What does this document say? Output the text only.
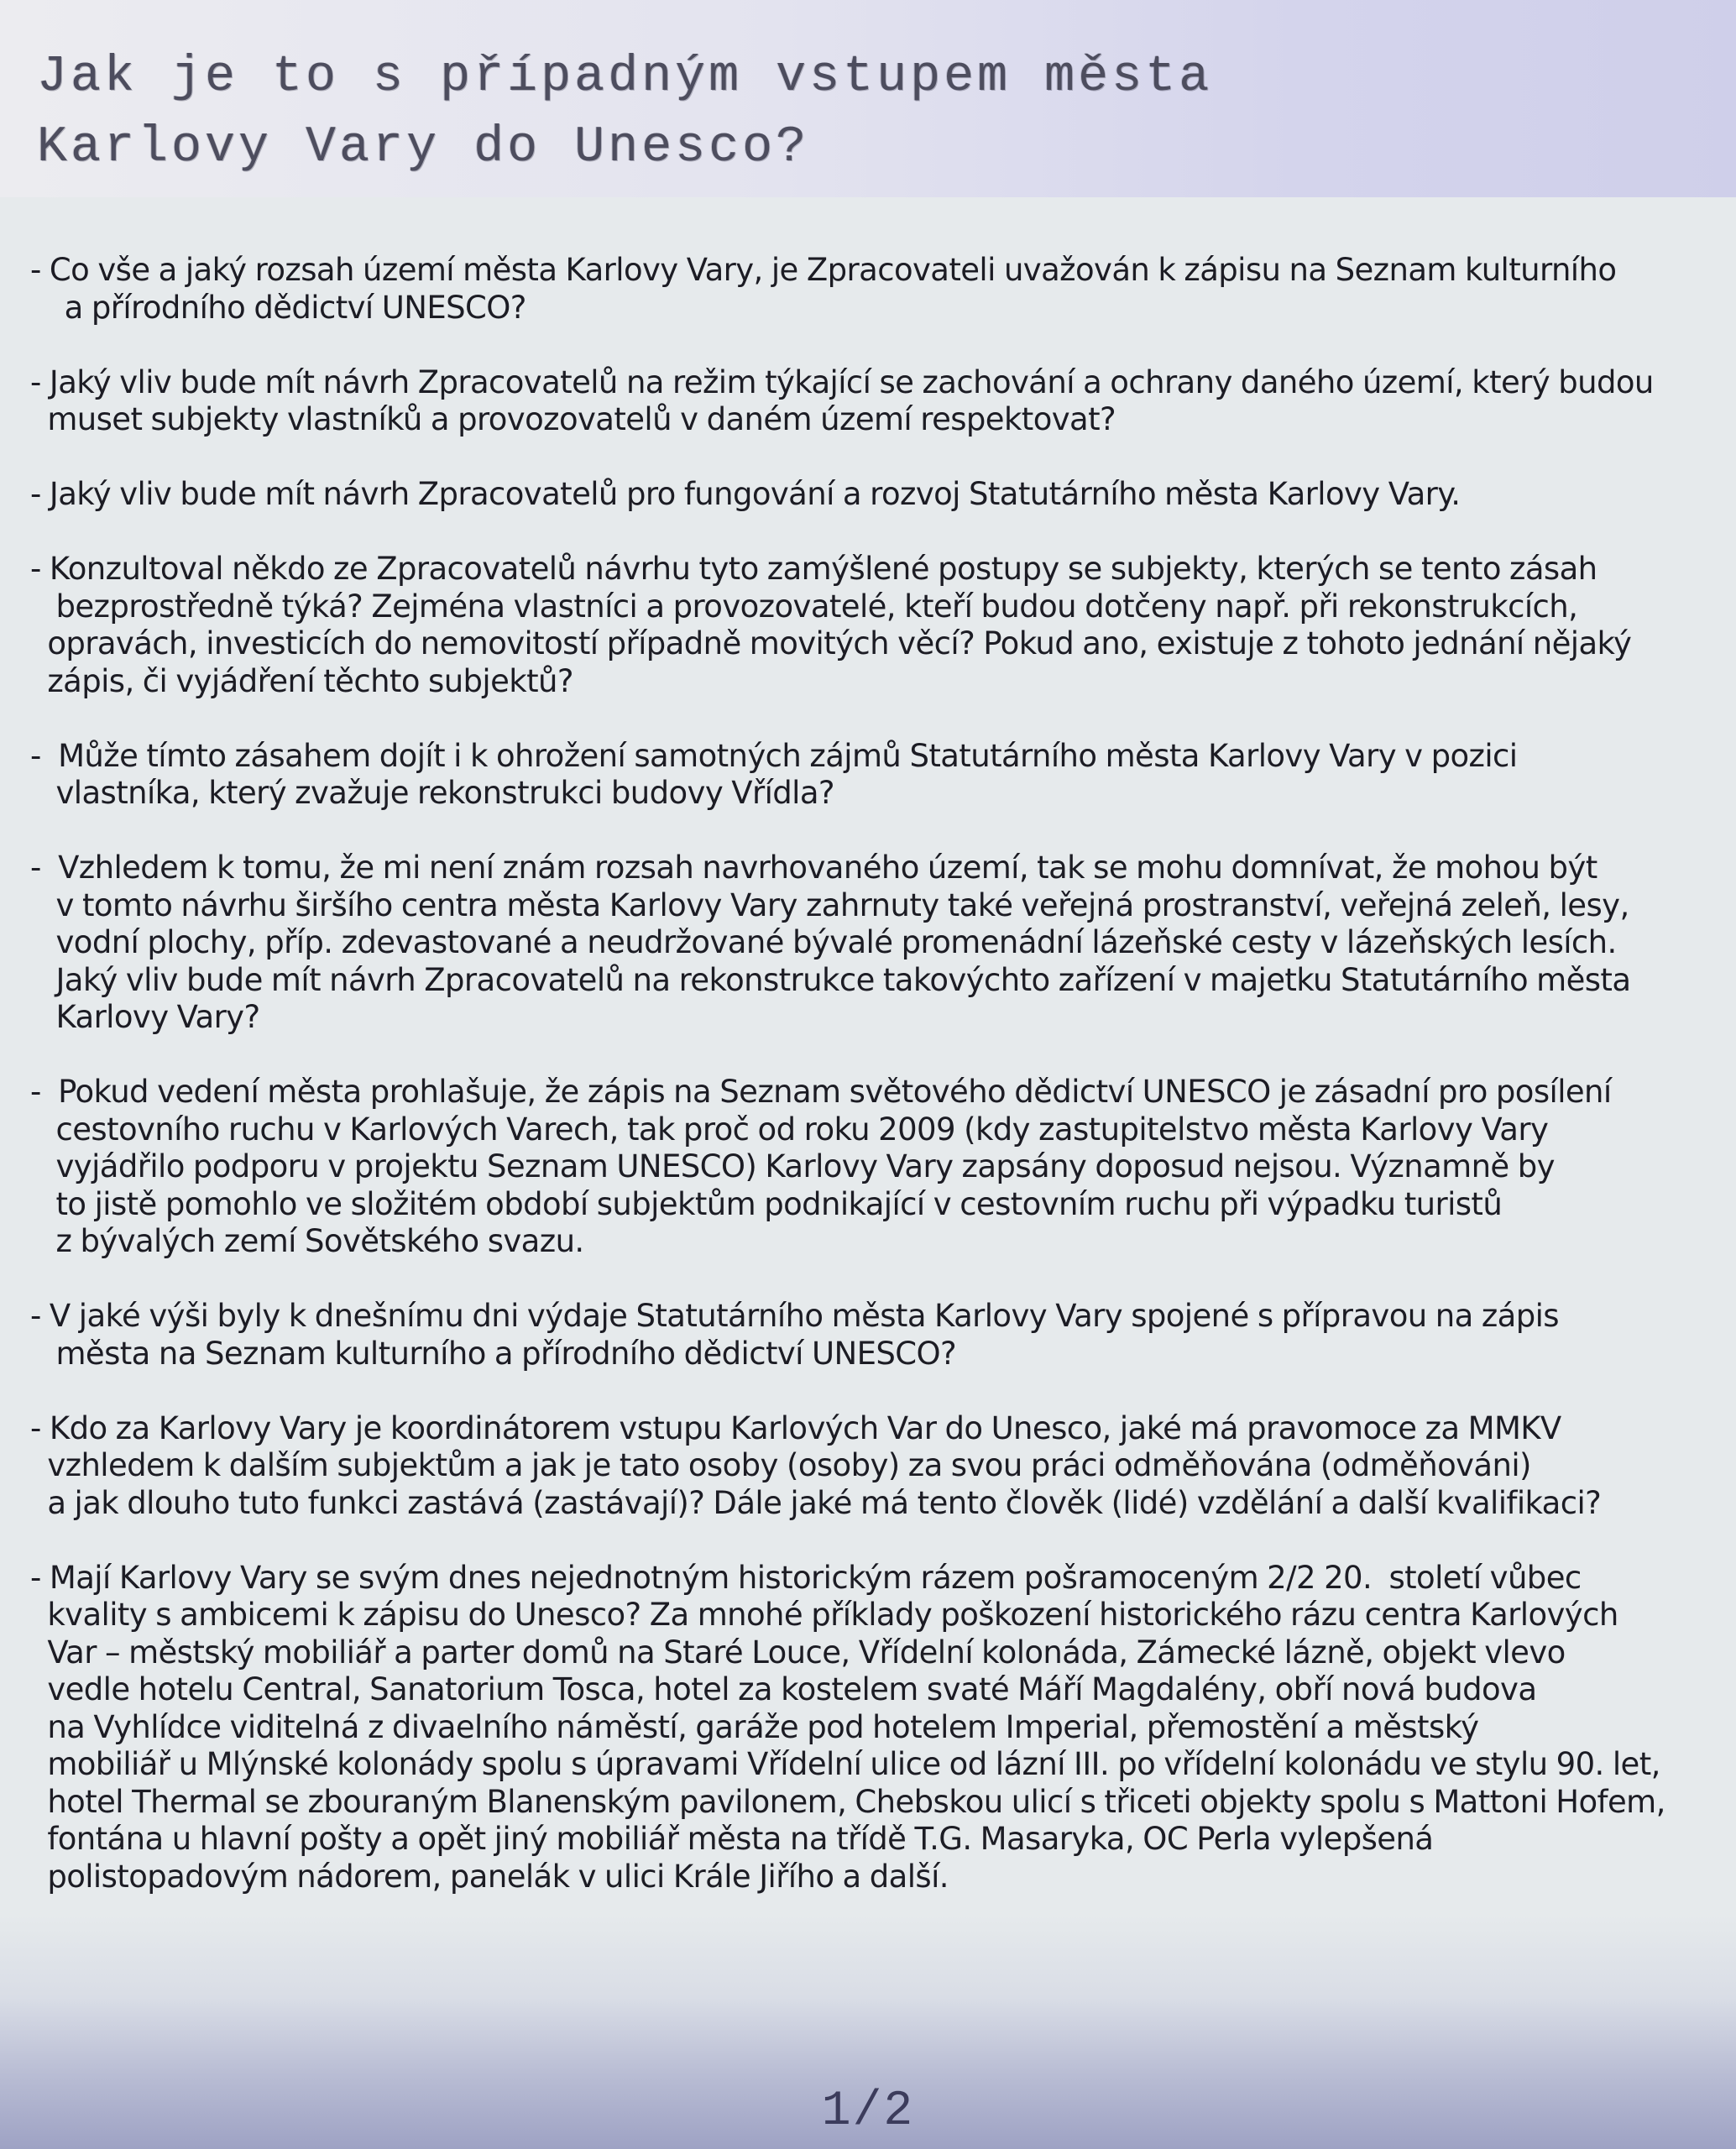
Jak je to s případným vstupem města
Karlovy Vary do Unesco?

- Co vše a jaký rozsah území města Karlovy Vary, je Zpracovateli uvažován k zápisu na Seznam kulturního
a přírodního dědictví UNESCO?

- Jaký vliv bude mít návrh Zpracovatelů na režim týkající se zachování a ochrany daného území, který budou
muset subjekty vlastníků a provozovatelů v daném území respektovat?

- Jaký vliv bude mít návrh Zpracovatelů pro fungování a rozvoj Statutárního města Karlovy Vary.

- Konzultoval někdo ze Zpracovatelů návrhu tyto zamýšlené postupy se subjekty, kterých se tento zásah
bezprostředně týká? Zejména vlastníci a provozovatelé, kteří budou dotčeny např. při rekonstrukcích,
opravách, investicích do nemovitostí případně movitých věcí? Pokud ano, existuje z tohoto jednání nějaký
zápis, či vyjádření těchto subjektů?

-  Může tímto zásahem dojít i k ohrožení samotných zájmů Statutárního města Karlovy Vary v pozici
vlastníka, který zvažuje rekonstrukci budovy Vřídla?

-  Vzhledem k tomu, že mi není znám rozsah navrhovaného území, tak se mohu domnívat, že mohou být
v tomto návrhu širšího centra města Karlovy Vary zahrnuty také veřejná prostranství, veřejná zeleň, lesy,
vodní plochy, příp. zdevastované a neudržované bývalé promenádní lázeňské cesty v lázeňských lesích.
Jaký vliv bude mít návrh Zpracovatelů na rekonstrukce takovýchto zařízení v majetku Statutárního města
Karlovy Vary?

-  Pokud vedení města prohlašuje, že zápis na Seznam světového dědictví UNESCO je zásadní pro posílení
cestovního ruchu v Karlových Varech, tak proč od roku 2009 (kdy zastupitelstvo města Karlovy Vary
vyjádřilo podporu v projektu Seznam UNESCO) Karlovy Vary zapsány doposud nejsou. Významně by
to jistě pomohlo ve složitém období subjektům podnikající v cestovním ruchu při výpadku turistů
z bývalých zemí Sovětského svazu.

- V jaké výši byly k dnešnímu dni výdaje Statutárního města Karlovy Vary spojené s přípravou na zápis
města na Seznam kulturního a přírodního dědictví UNESCO?

- Kdo za Karlovy Vary je koordinátorem vstupu Karlových Var do Unesco, jaké má pravomoce za MMKV
vzhledem k dalším subjektům a jak je tato osoby (osoby) za svou práci odměňována (odměňováni)
a jak dlouho tuto funkci zastává (zastávají)? Dále jaké má tento člověk (lidé) vzdělání a další kvalifikaci?

- Mají Karlovy Vary se svým dnes nejednotným historickým rázem pošramoceným 2/2 20.  století vůbec
kvality s ambicemi k zápisu do Unesco? Za mnohé příklady poškození historického rázu centra Karlových
Var – městský mobiliář a parter domů na Staré Louce, Vřídelní kolonáda, Zámecké lázně, objekt vlevo
vedle hotelu Central, Sanatorium Tosca, hotel za kostelem svaté Máří Magdalény, obří nová budova
na Vyhlídce viditelná z divaelního náměstí, garáže pod hotelem Imperial, přemostění a městský
mobiliář u Mlýnské kolonády spolu s úpravami Vřídelní ulice od lázní III. po vřídelní kolonádu ve stylu 90. let,
hotel Thermal se zbouraným Blanenským pavilonem, Chebskou ulicí s třiceti objekty spolu s Mattoni Hofem,
fontána u hlavní pošty a opět jiný mobiliář města na třídě T.G. Masaryka, OC Perla vylepšená
polistopadovým nádorem, panelák v ulici Krále Jiřího a další.

1/2
